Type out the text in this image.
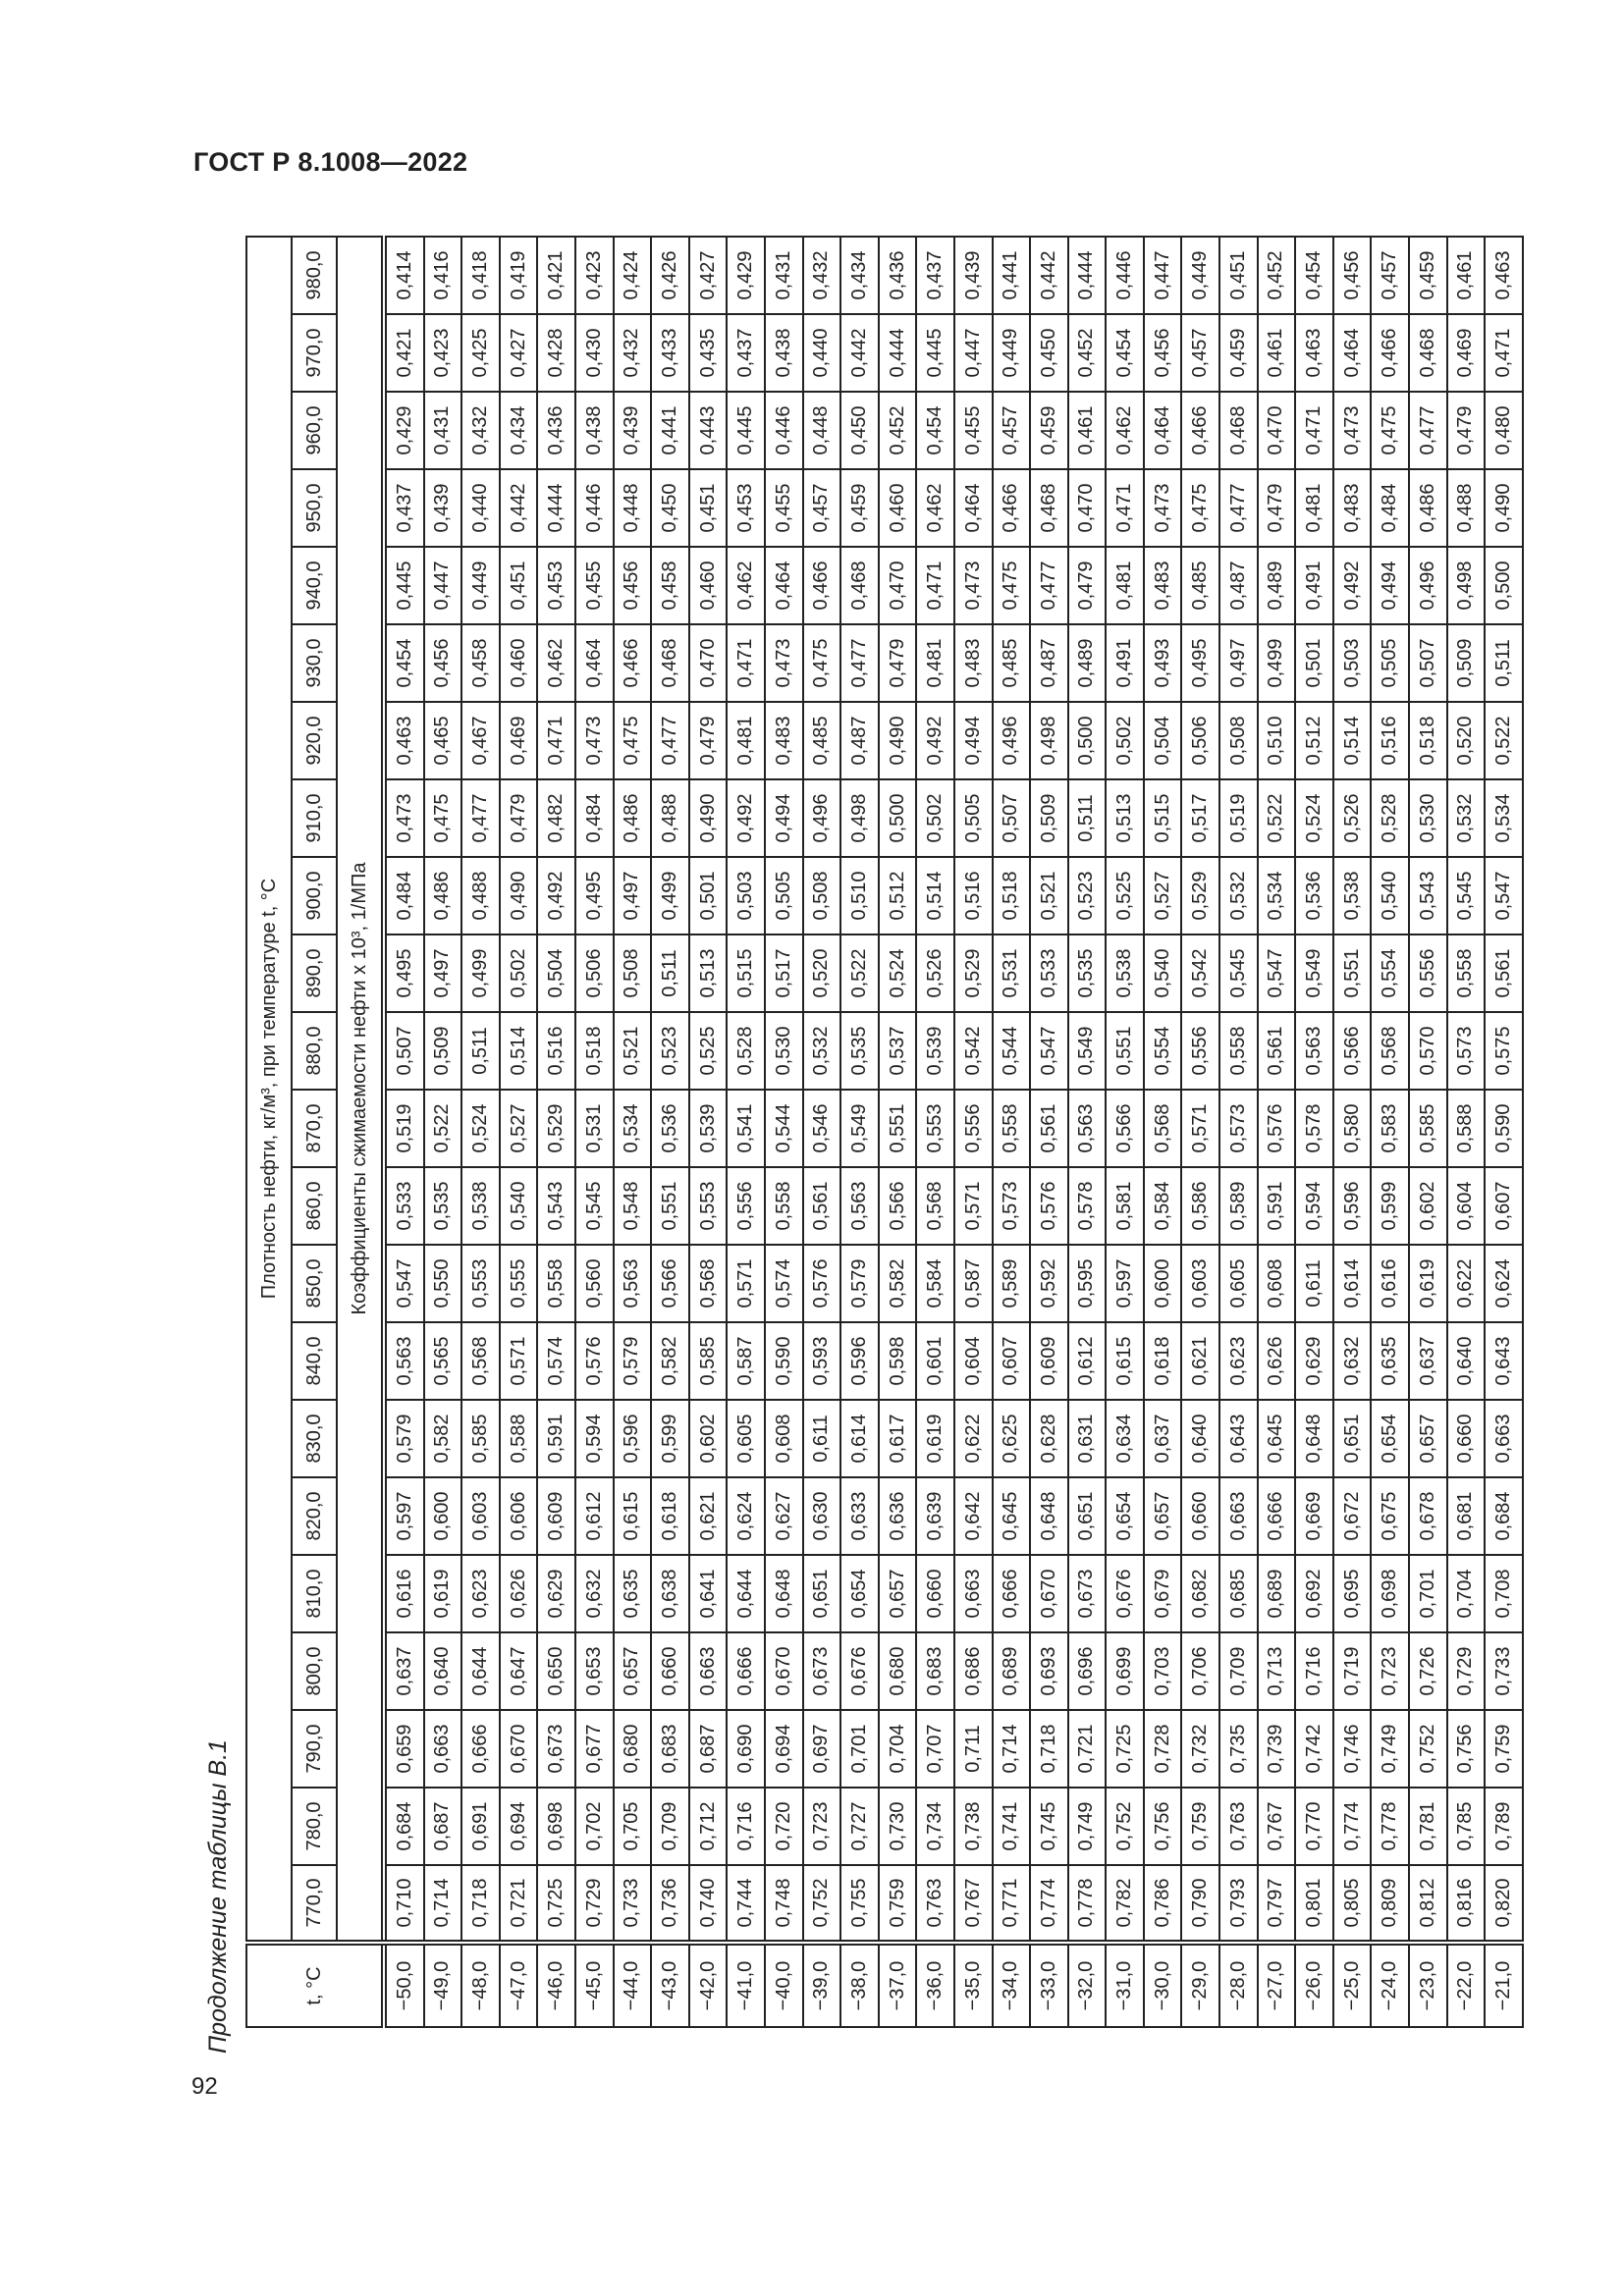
ГОСТ Р 8.1008—2022
Продолжение таблицы В.1	t, °C	Плотность нефти, кг/м³, при температуре t, °C																					
	770,0	780,0	790,0	800,0	810,0	820,0	830,0	840,0	850,0	860,0	870,0	880,0	890,0	900,0	910,0	920,0	930,0	940,0	950,0	960,0	970,0	980,0
	Коэффициенты сжимаемости нефти x 10³, 1/МПа																					
−50,0	0,710	0,684	0,659	0,637	0,616	0,597	0,579	0,563	0,547	0,533	0,519	0,507	0,495	0,484	0,473	0,463	0,454	0,445	0,437	0,429	0,421	0,414
−49,0	0,714	0,687	0,663	0,640	0,619	0,600	0,582	0,565	0,550	0,535	0,522	0,509	0,497	0,486	0,475	0,465	0,456	0,447	0,439	0,431	0,423	0,416
−48,0	0,718	0,691	0,666	0,644	0,623	0,603	0,585	0,568	0,553	0,538	0,524	0,511	0,499	0,488	0,477	0,467	0,458	0,449	0,440	0,432	0,425	0,418
−47,0	0,721	0,694	0,670	0,647	0,626	0,606	0,588	0,571	0,555	0,540	0,527	0,514	0,502	0,490	0,479	0,469	0,460	0,451	0,442	0,434	0,427	0,419
−46,0	0,725	0,698	0,673	0,650	0,629	0,609	0,591	0,574	0,558	0,543	0,529	0,516	0,504	0,492	0,482	0,471	0,462	0,453	0,444	0,436	0,428	0,421
−45,0	0,729	0,702	0,677	0,653	0,632	0,612	0,594	0,576	0,560	0,545	0,531	0,518	0,506	0,495	0,484	0,473	0,464	0,455	0,446	0,438	0,430	0,423
−44,0	0,733	0,705	0,680	0,657	0,635	0,615	0,596	0,579	0,563	0,548	0,534	0,521	0,508	0,497	0,486	0,475	0,466	0,456	0,448	0,439	0,432	0,424
−43,0	0,736	0,709	0,683	0,660	0,638	0,618	0,599	0,582	0,566	0,551	0,536	0,523	0,511	0,499	0,488	0,477	0,468	0,458	0,450	0,441	0,433	0,426
−42,0	0,740	0,712	0,687	0,663	0,641	0,621	0,602	0,585	0,568	0,553	0,539	0,525	0,513	0,501	0,490	0,479	0,470	0,460	0,451	0,443	0,435	0,427
−41,0	0,744	0,716	0,690	0,666	0,644	0,624	0,605	0,587	0,571	0,556	0,541	0,528	0,515	0,503	0,492	0,481	0,471	0,462	0,453	0,445	0,437	0,429
−40,0	0,748	0,720	0,694	0,670	0,648	0,627	0,608	0,590	0,574	0,558	0,544	0,530	0,517	0,505	0,494	0,483	0,473	0,464	0,455	0,446	0,438	0,431
−39,0	0,752	0,723	0,697	0,673	0,651	0,630	0,611	0,593	0,576	0,561	0,546	0,532	0,520	0,508	0,496	0,485	0,475	0,466	0,457	0,448	0,440	0,432
−38,0	0,755	0,727	0,701	0,676	0,654	0,633	0,614	0,596	0,579	0,563	0,549	0,535	0,522	0,510	0,498	0,487	0,477	0,468	0,459	0,450	0,442	0,434
−37,0	0,759	0,730	0,704	0,680	0,657	0,636	0,617	0,598	0,582	0,566	0,551	0,537	0,524	0,512	0,500	0,490	0,479	0,470	0,460	0,452	0,444	0,436
−36,0	0,763	0,734	0,707	0,683	0,660	0,639	0,619	0,601	0,584	0,568	0,553	0,539	0,526	0,514	0,502	0,492	0,481	0,471	0,462	0,454	0,445	0,437
−35,0	0,767	0,738	0,711	0,686	0,663	0,642	0,622	0,604	0,587	0,571	0,556	0,542	0,529	0,516	0,505	0,494	0,483	0,473	0,464	0,455	0,447	0,439
−34,0	0,771	0,741	0,714	0,689	0,666	0,645	0,625	0,607	0,589	0,573	0,558	0,544	0,531	0,518	0,507	0,496	0,485	0,475	0,466	0,457	0,449	0,441
−33,0	0,774	0,745	0,718	0,693	0,670	0,648	0,628	0,609	0,592	0,576	0,561	0,547	0,533	0,521	0,509	0,498	0,487	0,477	0,468	0,459	0,450	0,442
−32,0	0,778	0,749	0,721	0,696	0,673	0,651	0,631	0,612	0,595	0,578	0,563	0,549	0,535	0,523	0,511	0,500	0,489	0,479	0,470	0,461	0,452	0,444
−31,0	0,782	0,752	0,725	0,699	0,676	0,654	0,634	0,615	0,597	0,581	0,566	0,551	0,538	0,525	0,513	0,502	0,491	0,481	0,471	0,462	0,454	0,446
−30,0	0,786	0,756	0,728	0,703	0,679	0,657	0,637	0,618	0,600	0,584	0,568	0,554	0,540	0,527	0,515	0,504	0,493	0,483	0,473	0,464	0,456	0,447
−29,0	0,790	0,759	0,732	0,706	0,682	0,660	0,640	0,621	0,603	0,586	0,571	0,556	0,542	0,529	0,517	0,506	0,495	0,485	0,475	0,466	0,457	0,449
−28,0	0,793	0,763	0,735	0,709	0,685	0,663	0,643	0,623	0,605	0,589	0,573	0,558	0,545	0,532	0,519	0,508	0,497	0,487	0,477	0,468	0,459	0,451
−27,0	0,797	0,767	0,739	0,713	0,689	0,666	0,645	0,626	0,608	0,591	0,576	0,561	0,547	0,534	0,522	0,510	0,499	0,489	0,479	0,470	0,461	0,452
−26,0	0,801	0,770	0,742	0,716	0,692	0,669	0,648	0,629	0,611	0,594	0,578	0,563	0,549	0,536	0,524	0,512	0,501	0,491	0,481	0,471	0,463	0,454
−25,0	0,805	0,774	0,746	0,719	0,695	0,672	0,651	0,632	0,614	0,596	0,580	0,566	0,551	0,538	0,526	0,514	0,503	0,492	0,483	0,473	0,464	0,456
−24,0	0,809	0,778	0,749	0,723	0,698	0,675	0,654	0,635	0,616	0,599	0,583	0,568	0,554	0,540	0,528	0,516	0,505	0,494	0,484	0,475	0,466	0,457
−23,0	0,812	0,781	0,752	0,726	0,701	0,678	0,657	0,637	0,619	0,602	0,585	0,570	0,556	0,543	0,530	0,518	0,507	0,496	0,486	0,477	0,468	0,459
−22,0	0,816	0,785	0,756	0,729	0,704	0,681	0,660	0,640	0,622	0,604	0,588	0,573	0,558	0,545	0,532	0,520	0,509	0,498	0,488	0,479	0,469	0,461
−21,0	0,820	0,789	0,759	0,733	0,708	0,684	0,663	0,643	0,624	0,607	0,590	0,575	0,561	0,547	0,534	0,522	0,511	0,500	0,490	0,480	0,471	0,463
92
